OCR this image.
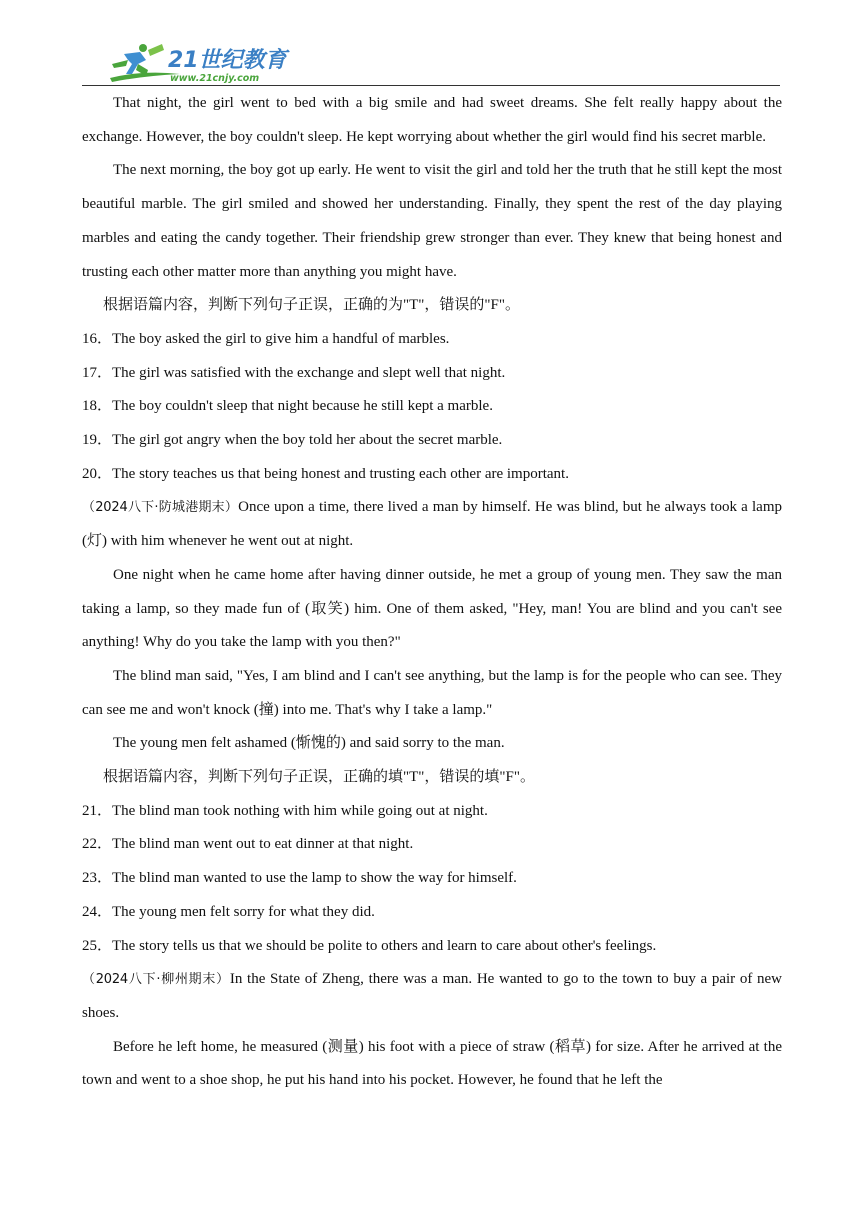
21世纪教育
www.21cnjy.com

That night, the girl went to bed with a big smile and had sweet dreams. She felt really happy about the exchange. However, the boy couldn't sleep. He kept worrying about whether the girl would find his secret marble.

The next morning, the boy got up early. He went to visit the girl and told her the truth that he still kept the most beautiful marble. The girl smiled and showed her understanding. Finally, they spent the rest of the day playing marbles and eating the candy together. Their friendship grew stronger than ever. They knew that being honest and trusting each other matter more than anything you might have.

根据语篇内容，判断下列句子正误，正确的为"T"，错误的"F"。

16．The boy asked the girl to give him a handful of marbles.

17．The girl was satisfied with the exchange and slept well that night.

18．The boy couldn't sleep that night because he still kept a marble.

19．The girl got angry when the boy told her about the secret marble.

20．The story teaches us that being honest and trusting each other are important.

（2024八下·防城港期末）Once upon a time, there lived a man by himself. He was blind, but he always took a lamp (灯) with him whenever he went out at night.

One night when he came home after having dinner outside, he met a group of young men. They saw the man taking a lamp, so they made fun of (取笑) him. One of them asked, "Hey, man! You are blind and you can't see anything! Why do you take the lamp with you then?"

The blind man said, "Yes, I am blind and I can't see anything, but the lamp is for the people who can see. They can see me and won't knock (撞) into me. That's why I take a lamp."

The young men felt ashamed (惭愧的) and said sorry to the man.

根据语篇内容，判断下列句子正误，正确的填"T"，错误的填"F"。

21．The blind man took nothing with him while going out at night.

22．The blind man went out to eat dinner at that night.

23．The blind man wanted to use the lamp to show the way for himself.

24．The young men felt sorry for what they did.

25．The story tells us that we should be polite to others and learn to care about other's feelings.

（2024八下·柳州期末）In the State of Zheng, there was a man. He wanted to go to the town to buy a pair of new shoes.

Before he left home, he measured (测量) his foot with a piece of straw (稻草) for size. After he arrived at the town and went to a shoe shop, he put his hand into his pocket. However, he found that he left the
